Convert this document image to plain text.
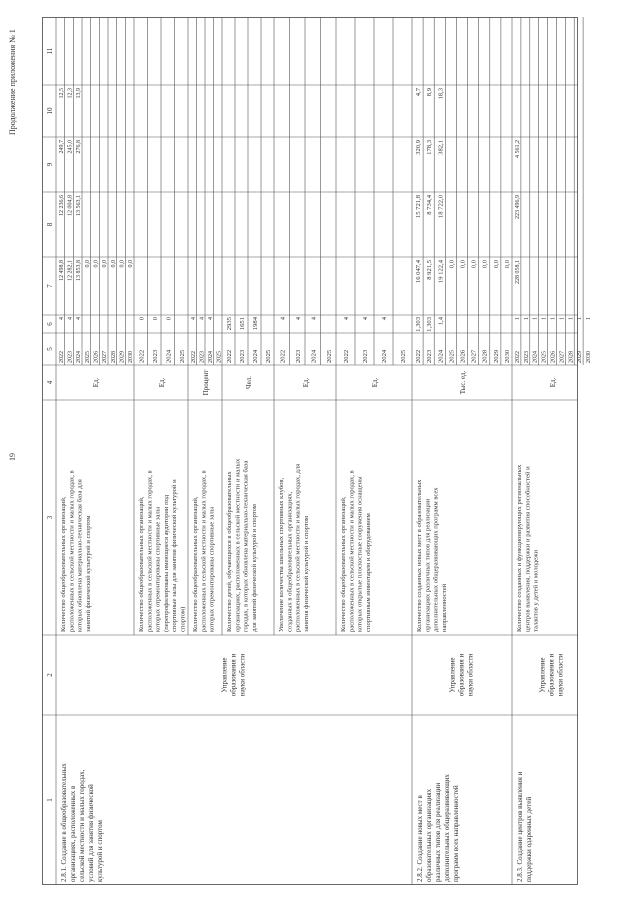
19
Продолжение приложения № 1
1
2
3
4
5
6
7
8
9
10
11
2.8.1. Создание в общеобразовательных организациях, расположенных в сельской местности и малых городах, условий для занятия физической культурой и спортом
Управление образования и науки области
Количество общеобразовательных организаций, расположенных в сельской местности и малых городах, в которых обновлена материально-техническая база для занятий физической культурой и спортом
Ед.
2022
4
12 498,8
12 236,6
249,7
12,5
2023
4
12 282,1
12 004,8
245,0
12,3
2024
4
13 853,8
13 563,1
276,8
13,9
2025
0,0
2026
0,0
2027
0,0
2028
0,0
2029
0,0
2030
0,0
Количество общеобразовательных организаций, расположенных в сельской местности и малых городах, в которых отремонтированы спортивные залы (перепрофилированы имеющиеся аудитории под спортивные залы для занятия физической культурой и спортом)
Ед.
2022
0
2023
0
2024
0
2025
Количество общеобразовательных организаций, расположенных в сельской местности и малых городах, в которых отремонтированы спортивные залы
Процент
2022
4
2023
4
2024
4
2025
Количество детей, обучающихся в общеобразовательных организациях, расположенных в сельской местности и малых городах, в которых обновлена материально-техническая база для занятий физической культурой и спортом
Чел.
2022
2935
2023
1651
2024
1984
2025
Увеличение количества школьных спортивных клубов, созданных в общеобразовательных организациях, расположенных в сельской местности и малых городах, для занятия физической культурой и спортом
Ед.
2022
4
2023
4
2024
4
2025
Количество общеобразовательных организаций, расположенных в сельской местности и малых городах, в которых открытые плоскостные сооружения оснащены спортивным инвентарем и оборудованием
Ед.
2022
4
2023
4
2024
4
2025
2.8.2. Создание новых мест в образовательных организациях различных типов для реализации дополнительных общеразвивающих программ всех направленностей
Управление образования и науки области
Количество созданных новых мест в образовательных организациях различных типов для реализации дополнительных общеразвивающих программ всех направленностей
Тыс. ед.
2022
1,303
16 047,4
15 721,8
320,9
4,7
2023
1,303
8 921,5
8 734,4
178,3
8,9
2024
1,4
19 122,4
18 722,0
382,1
18,3
2025
0,0
2026
0,0
2027
0,0
2028
0,0
2029
0,0
2030
0,0
2.8.3. Создание центров выявления и поддержки одаренных детей
Управление образования и науки области
Количество созданных и функционирующих региональных центров выявления, поддержки и развития способностей и талантов у детей и молодежи
Ед.
2022
1
228 058,1
223 496,9
4 561,2
2023
1
2024
1
2025
1
2026
1
2027
1
2028
1
2029
1
2030
1
